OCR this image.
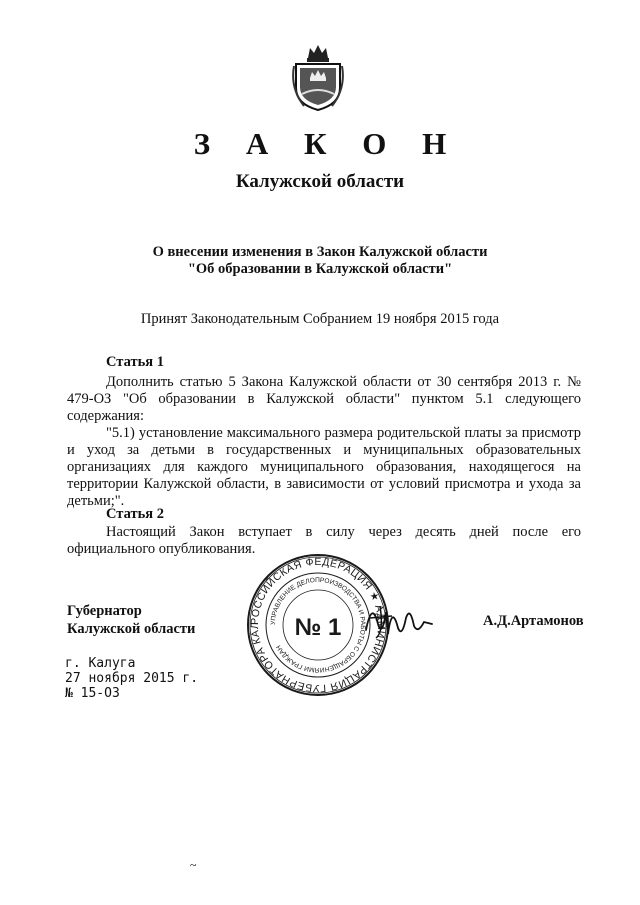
З А К О Н
Калужской области
О внесении изменения в Закон Калужской области
"Об образовании в Калужской области"
Принят Законодательным Собранием 19 ноября 2015 года
Статья 1
Дополнить статью 5 Закона Калужской области от 30 сентября 2013 г. № 479-ОЗ "Об образовании в Калужской области" пунктом 5.1 следующего содержания:
"5.1) установление максимального размера родительской платы за присмотр и уход за детьми в государственных и муниципальных образовательных организациях для каждого муниципального образования, находящегося на территории Калужской области, в зависимости от условий присмотра и ухода за детьми;".
Статья 2
Настоящий Закон вступает в силу через десять дней после его официального опубликования.
Губернатор
Калужской области	РОССИЙСКАЯ ФЕДЕРАЦИЯ ★ АДМИНИСТРАЦИЯ ГУБЕРНАТОРА КАЛ	УПРАВЛЕНИЕ ДЕЛОПРОИЗВОДСТВА И РАБОТЫ С ОБРАЩЕНИЯМИ ГРАЖДАН
№ 1	А.Д.Артамонов
г. Калуга
27 ноября 2015 г.
№ 15-ОЗ
~
